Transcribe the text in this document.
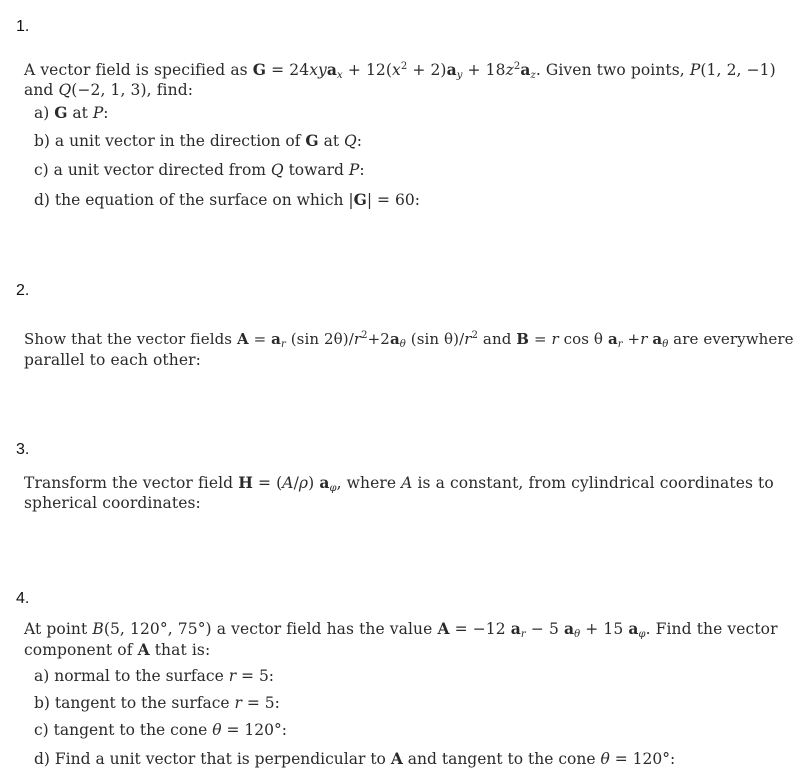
1.
A vector field is specified as $G = 24xya_x + 12(x^2 + 2)a_y + 18z^2a_z$. Given two points, P(1, 2, −1)
and Q(−2, 1, 3), find:
a) G at P:
b) a unit vector in the direction of G at Q:
c) a unit vector directed from Q toward P:
d) the equation of the surface on which |G| = 60:
2.
Show that the vector fields $A = a_r$ (sin $2\theta)/r^2+2a_\theta$ (sin $\theta)/r^2$ and B = r cos θ $a_r +r$ $a_\theta$ are everywhere
parallel to each other:
3.
Transform the vector field H = (A/ρ) $a_\varphi$, where A is a constant, from cylindrical coordinates to
spherical coordinates:
4.
At point B(5, 120°, 75°) a vector field has the value A = −12 $a_r - 5$ $a_\theta + 15$ $a_\varphi$. Find the vector
component of A that is:
a) normal to the surface r = 5:
b) tangent to the surface r = 5:
c) tangent to the cone θ = 120°:
d) Find a unit vector that is perpendicular to A and tangent to the cone θ = 120°:
